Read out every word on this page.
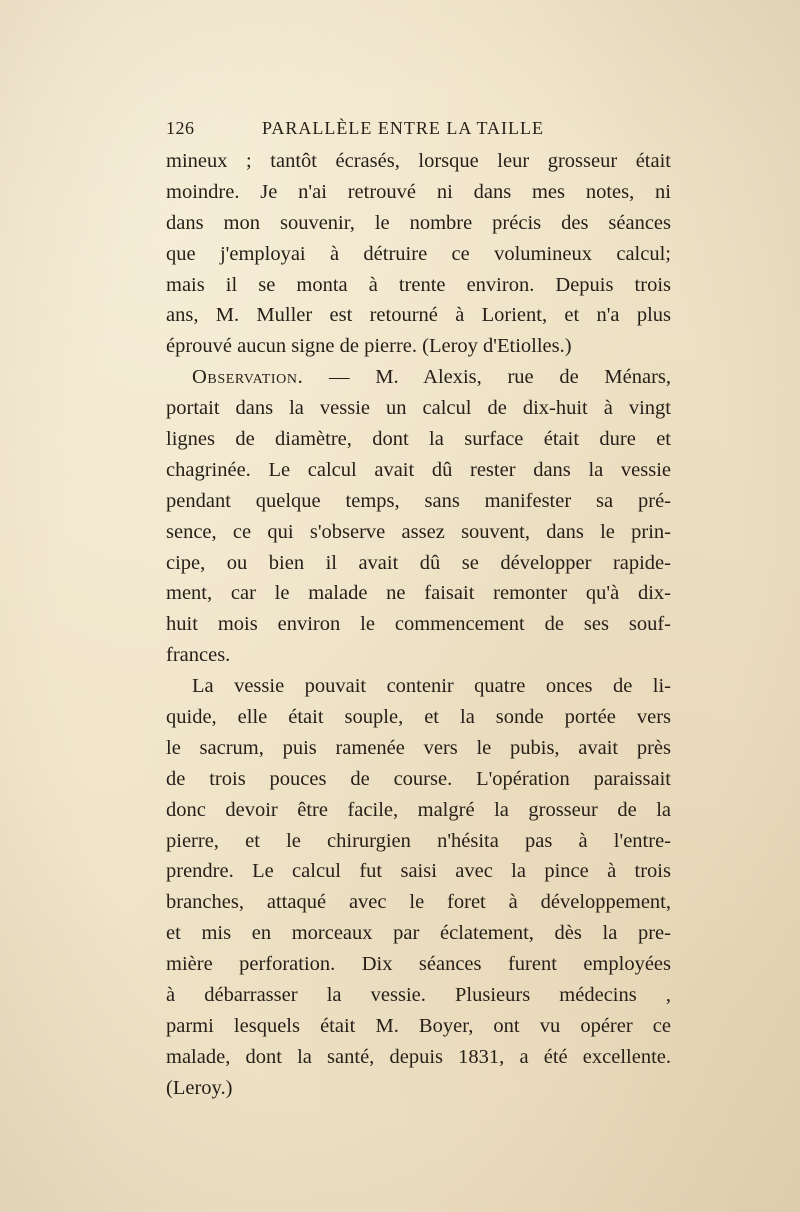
126	PARALLÈLE ENTRE LA TAILLE
mineux ; tantôt écrasés, lorsque leur grosseur était
moindre. Je n'ai retrouvé ni dans mes notes, ni
dans mon souvenir, le nombre précis des séances
que j'employai à détruire ce volumineux calcul;
mais il se monta à trente environ. Depuis trois
ans, M. Muller est retourné à Lorient, et n'a plus
éprouvé aucun signe de pierre. (Leroy d'Etiolles.)
Observation. — M. Alexis, rue de Ménars,
portait dans la vessie un calcul de dix-huit à vingt
lignes de diamètre, dont la surface était dure et
chagrinée. Le calcul avait dû rester dans la vessie
pendant quelque temps, sans manifester sa pré-
sence, ce qui s'observe assez souvent, dans le prin-
cipe, ou bien il avait dû se développer rapide-
ment, car le malade ne faisait remonter qu'à dix-
huit mois environ le commencement de ses souf-
frances.
La vessie pouvait contenir quatre onces de li-
quide, elle était souple, et la sonde portée vers
le sacrum, puis ramenée vers le pubis, avait près
de trois pouces de course. L'opération paraissait
donc devoir être facile, malgré la grosseur de la
pierre, et le chirurgien n'hésita pas à l'entre-
prendre. Le calcul fut saisi avec la pince à trois
branches, attaqué avec le foret à développement,
et mis en morceaux par éclatement, dès la pre-
mière perforation. Dix séances furent employées
à débarrasser la vessie. Plusieurs médecins ,
parmi lesquels était M. Boyer, ont vu opérer ce
malade, dont la santé, depuis 1831, a été excellente.
(Leroy.)
